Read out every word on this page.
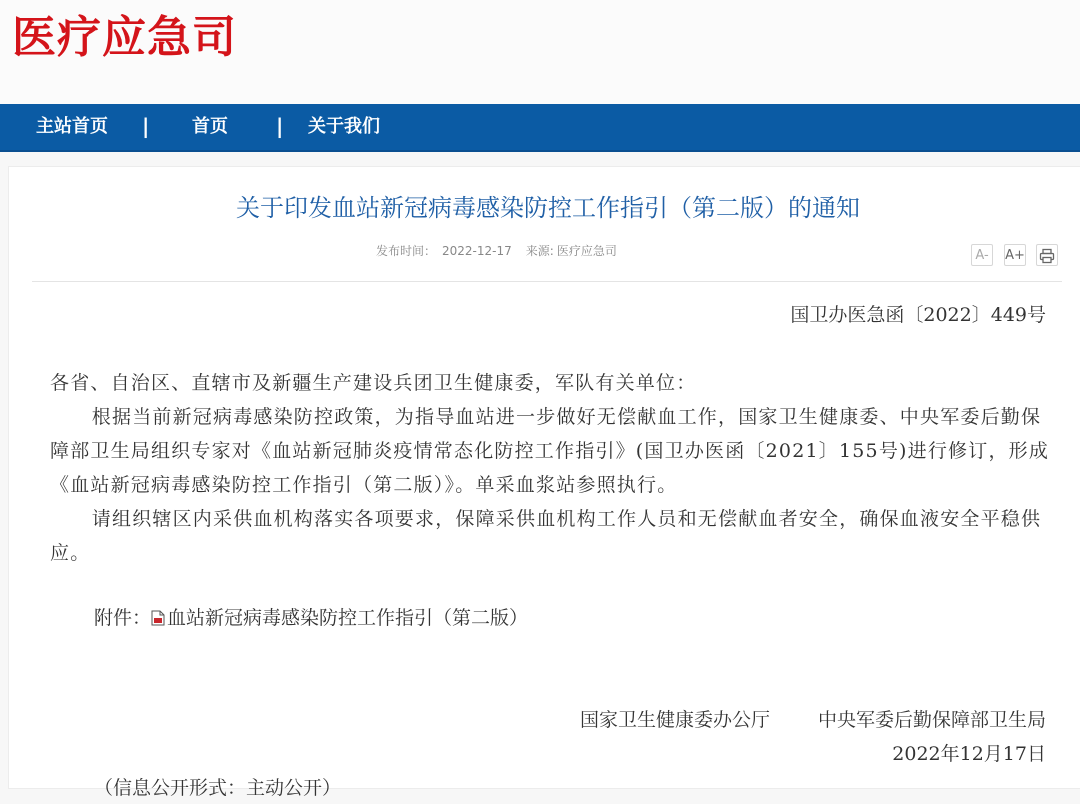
医疗应急司
主站首页 | 首页 | 关于我们
关于印发血站新冠病毒感染防控工作指引（第二版）的通知
发布时间： 2022-12-17 来源: 医疗应急司	A-	A+
国卫办医急函〔2022〕449号
各省、自治区、直辖市及新疆生产建设兵团卫生健康委，军队有关单位：
根据当前新冠病毒感染防控政策，为指导血站进一步做好无偿献血工作，国家卫生健康委、中央军委后勤保障部卫生局组织专家对《血站新冠肺炎疫情常态化防控工作指引》(国卫办医函〔2021〕155号)进行修订，形成《血站新冠病毒感染防控工作指引（第二版）》。单采血浆站参照执行。
请组织辖区内采供血机构落实各项要求，保障采供血机构工作人员和无偿献血者安全，确保血液安全平稳供应。
附件： 血站新冠病毒感染防控工作指引（第二版）
国家卫生健康委办公厅	中央军委后勤保障部卫生局
2022年12月17日
（信息公开形式：主动公开）
